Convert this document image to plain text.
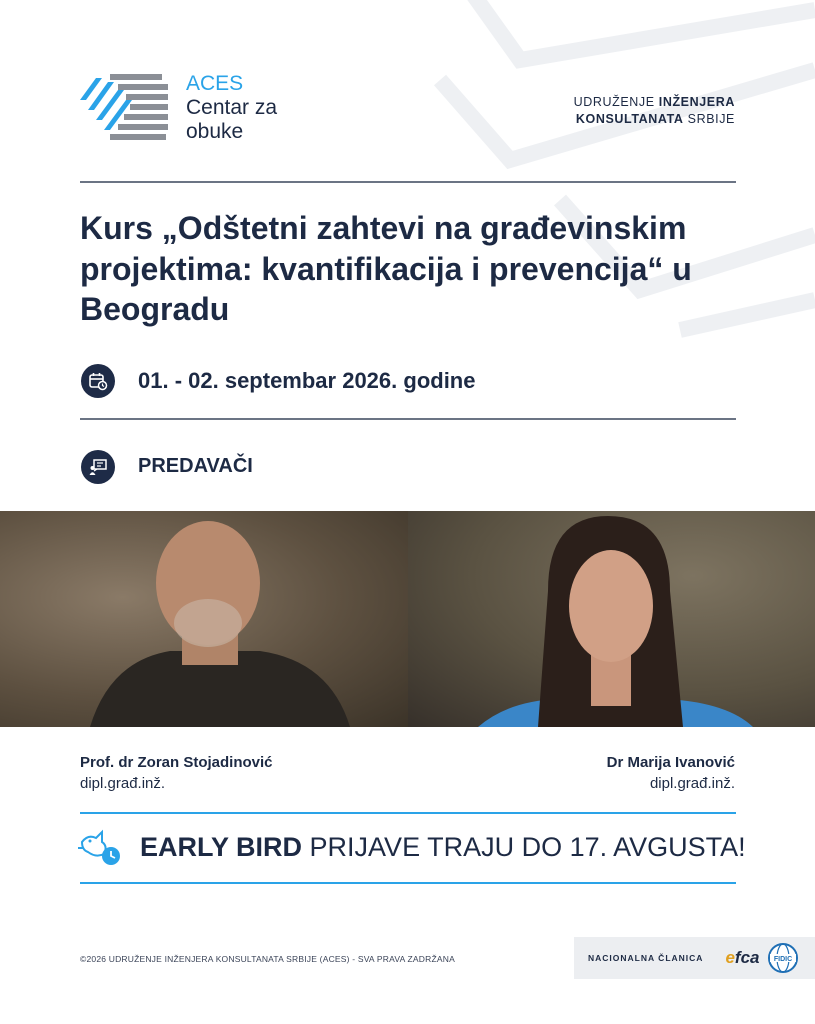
ACES
Centar za
obuke
UDRUŽENJE INŽENJERA
KONSULTANATA SRBIJE
Kurs „Odštetni zahtevi na građevinskim projektima: kvantifikacija i prevencija“ u Beogradu
01. - 02. septembar 2026. godine
PREDAVAČI
Prof. dr Zoran Stojadinović
dipl.građ.inž.
Dr Marija Ivanović
dipl.građ.inž.
EARLY BIRD PRIJAVE TRAJU DO 17. AVGUSTA!
©2026 UDRUŽENJE INŽENJERA KONSULTANATA SRBIJE (ACES) - SVA PRAVA ZADRŽANA	NACIONALNA ČLANICA efca FIDIC
